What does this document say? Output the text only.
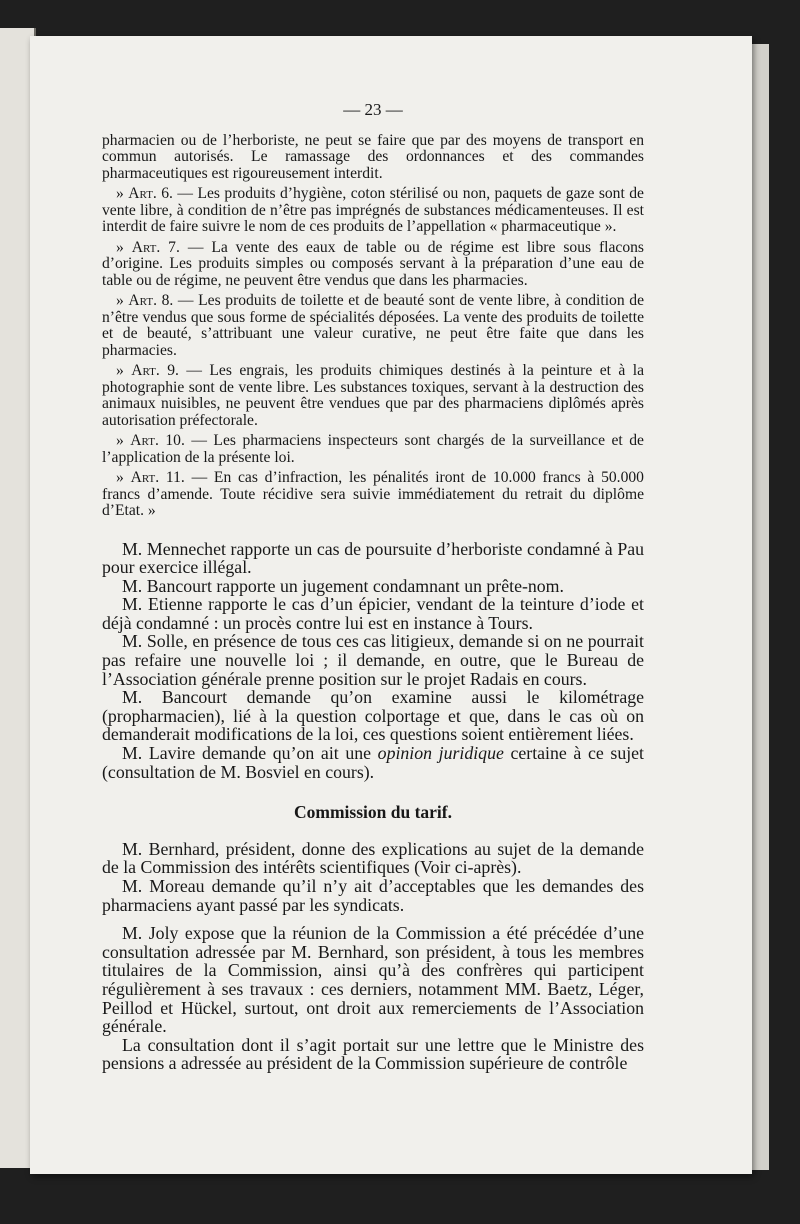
— 23 —

pharmacien ou de l’herboriste, ne peut se faire que par des moyens de transport en commun autorisés. Le ramassage des ordonnances et des commandes pharmaceutiques est rigoureusement interdit.

» Art. 6. — Les produits d’hygiène, coton stérilisé ou non, paquets de gaze sont de vente libre, à condition de n’être pas imprégnés de substances médicamenteuses. Il est interdit de faire suivre le nom de ces produits de l’appellation « pharmaceutique ».

» Art. 7. — La vente des eaux de table ou de régime est libre sous flacons d’origine. Les produits simples ou composés servant à la préparation d’une eau de table ou de régime, ne peuvent être vendus que dans les pharmacies.

» Art. 8. — Les produits de toilette et de beauté sont de vente libre, à condition de n’être vendus que sous forme de spécialités déposées. La vente des produits de toilette et de beauté, s’attribuant une valeur curative, ne peut être faite que dans les pharmacies.

» Art. 9. — Les engrais, les produits chimiques destinés à la peinture et à la photographie sont de vente libre. Les substances toxiques, servant à la destruction des animaux nuisibles, ne peuvent être vendues que par des pharmaciens diplômés après autorisation préfectorale.

» Art. 10. — Les pharmaciens inspecteurs sont chargés de la surveillance et de l’application de la présente loi.

» Art. 11. — En cas d’infraction, les pénalités iront de 10.000 francs à 50.000 francs d’amende. Toute récidive sera suivie immédiatement du retrait du diplôme d’Etat. »

M. Mennechet rapporte un cas de poursuite d’herboriste condamné à Pau pour exercice illégal.

M. Bancourt rapporte un jugement condamnant un prête-nom.

M. Etienne rapporte le cas d’un épicier, vendant de la teinture d’iode et déjà condamné : un procès contre lui est en instance à Tours.

M. Solle, en présence de tous ces cas litigieux, demande si on ne pourrait pas refaire une nouvelle loi ; il demande, en outre, que le Bureau de l’Association générale prenne position sur le projet Radais en cours.

M. Bancourt demande qu’on examine aussi le kilométrage (propharmacien), lié à la question colportage et que, dans le cas où on demanderait modifications de la loi, ces questions soient entièrement liées.

M. Lavire demande qu’on ait une opinion juridique certaine à ce sujet (consultation de M. Bosviel en cours).

Commission du tarif.

M. Bernhard, président, donne des explications au sujet de la demande de la Commission des intérêts scientifiques (Voir ci-après).

M. Moreau demande qu’il n’y ait d’acceptables que les demandes des pharmaciens ayant passé par les syndicats.

M. Joly expose que la réunion de la Commission a été précédée d’une consultation adressée par M. Bernhard, son président, à tous les membres titulaires de la Commission, ainsi qu’à des confrères qui participent régulièrement à ses travaux : ces derniers, notamment MM. Baetz, Léger, Peillod et Hückel, surtout, ont droit aux remerciements de l’Association générale.

La consultation dont il s’agit portait sur une lettre que le Ministre des pensions a adressée au président de la Commission supérieure de contrôle
